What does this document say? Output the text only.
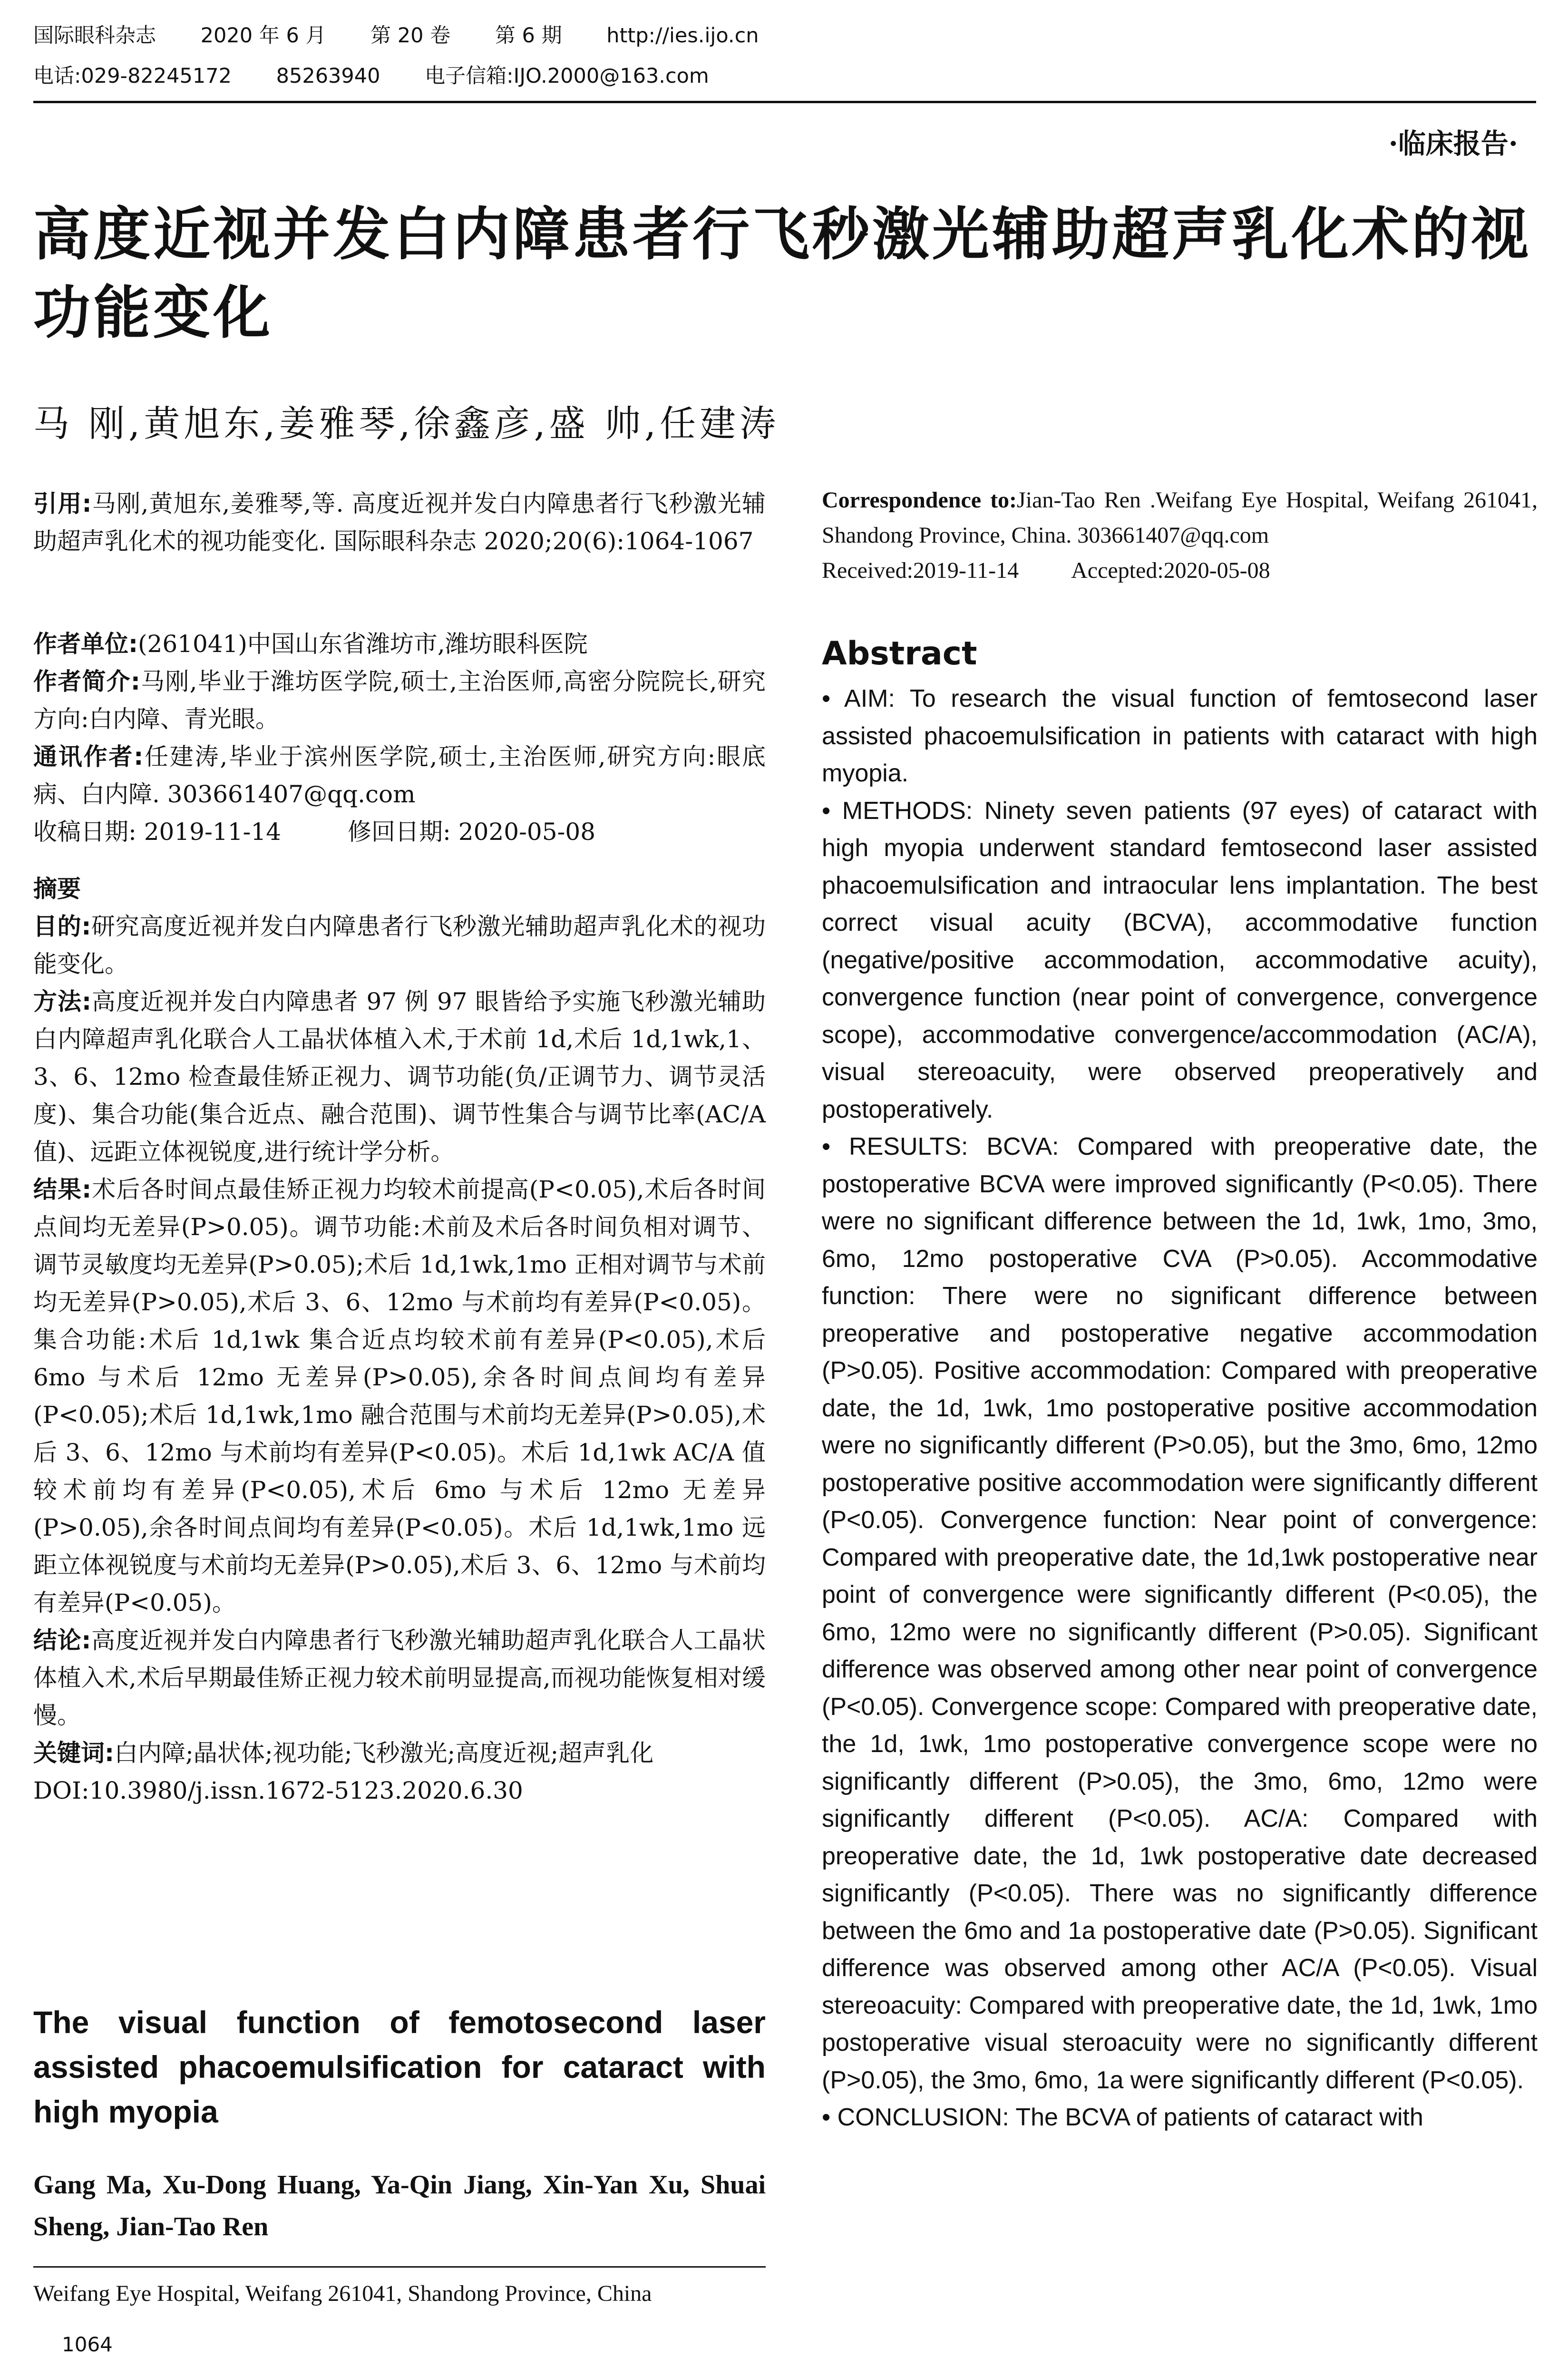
国际眼科杂志 2020 年 6 月 第 20 卷 第 6 期 http://ies.ijo.cn
电话:029-82245172 85263940 电子信箱:IJO.2000@163.com
·临床报告·
高度近视并发白内障患者行飞秒激光辅助超声乳化术的视功能变化
马 刚,黄旭东,姜雅琴,徐鑫彦,盛 帅,任建涛

引用:马刚,黄旭东,姜雅琴,等. 高度近视并发白内障患者行飞秒激光辅助超声乳化术的视功能变化. 国际眼科杂志 2020;20(6):1064-1067

作者单位:(261041)中国山东省潍坊市,潍坊眼科医院

作者简介:马刚,毕业于潍坊医学院,硕士,主治医师,高密分院院长,研究方向:白内障、青光眼。

通讯作者:任建涛,毕业于滨州医学院,硕士,主治医师,研究方向:眼底病、白内障. 303661407@qq.com

收稿日期: 2019-11-14	修回日期: 2020-05-08

摘要

目的:研究高度近视并发白内障患者行飞秒激光辅助超声乳化术的视功能变化。

方法:高度近视并发白内障患者 97 例 97 眼皆给予实施飞秒激光辅助白内障超声乳化联合人工晶状体植入术,于术前 1d,术后 1d,1wk,1、3、6、12mo 检查最佳矫正视力、调节功能(负/正调节力、调节灵活度)、集合功能(集合近点、融合范围)、调节性集合与调节比率(AC/A 值)、远距立体视锐度,进行统计学分析。

结果:术后各时间点最佳矫正视力均较术前提高(P<0.05),术后各时间点间均无差异(P>0.05)。调节功能:术前及术后各时间负相对调节、调节灵敏度均无差异(P>0.05);术后 1d,1wk,1mo 正相对调节与术前均无差异(P>0.05),术后 3、6、12mo 与术前均有差异(P<0.05)。集合功能:术后 1d,1wk 集合近点均较术前有差异(P<0.05),术后 6mo 与术后 12mo 无差异(P>0.05),余各时间点间均有差异(P<0.05);术后 1d,1wk,1mo 融合范围与术前均无差异(P>0.05),术后 3、6、12mo 与术前均有差异(P<0.05)。术后 1d,1wk AC/A 值较术前均有差异(P<0.05),术后 6mo 与术后 12mo 无差异(P>0.05),余各时间点间均有差异(P<0.05)。术后 1d,1wk,1mo 远距立体视锐度与术前均无差异(P>0.05),术后 3、6、12mo 与术前均有差异(P<0.05)。

结论:高度近视并发白内障患者行飞秒激光辅助超声乳化联合人工晶状体植入术,术后早期最佳矫正视力较术前明显提高,而视功能恢复相对缓慢。

关键词:白内障;晶状体;视功能;飞秒激光;高度近视;超声乳化

DOI:10.3980/j.issn.1672-5123.2020.6.30

The visual function of femotosecond laser assisted phacoemulsification for cataract with high myopia
Gang Ma, Xu-Dong Huang, Ya-Qin Jiang, Xin-Yan Xu, Shuai Sheng, Jian-Tao Ren
Weifang Eye Hospital, Weifang 261041, Shandong Province, China
1064

Correspondence to:Jian-Tao Ren .Weifang Eye Hospital, Weifang 261041, Shandong Province, China. 303661407@qq.com

Received:2019-11-14 Accepted:2020-05-08

Abstract

• AIM: To research the visual function of femtosecond laser assisted phacoemulsification in patients with cataract with high myopia.

• METHODS: Ninety seven patients (97 eyes) of cataract with high myopia underwent standard femtosecond laser assisted phacoemulsification and intraocular lens implantation. The best correct visual acuity (BCVA), accommodative function (negative/positive accommodation, accommodative acuity), convergence function (near point of convergence, convergence scope), accommodative convergence/accommodation (AC/A), visual stereoacuity, were observed preoperatively and postoperatively.

• RESULTS: BCVA: Compared with preoperative date, the postoperative BCVA were improved significantly (P<0.05). There were no significant difference between the 1d, 1wk, 1mo, 3mo, 6mo, 12mo postoperative CVA (P>0.05). Accommodative function: There were no significant difference between preoperative and postoperative negative accommodation (P>0.05). Positive accommodation: Compared with preoperative date, the 1d, 1wk, 1mo postoperative positive accommodation were no significantly different (P>0.05), but the 3mo, 6mo, 12mo postoperative positive accommodation were significantly different (P<0.05). Convergence function: Near point of convergence: Compared with preoperative date, the 1d,1wk postoperative near point of convergence were significantly different (P<0.05), the 6mo, 12mo were no significantly different (P>0.05). Significant difference was observed among other near point of convergence (P<0.05). Convergence scope: Compared with preoperative date, the 1d, 1wk, 1mo postoperative convergence scope were no significantly different (P>0.05), the 3mo, 6mo, 12mo were significantly different (P<0.05). AC/A: Compared with preoperative date, the 1d, 1wk postoperative date decreased significantly (P<0.05). There was no significantly difference between the 6mo and 1a postoperative date (P>0.05). Significant difference was observed among other AC/A (P<0.05). Visual stereoacuity: Compared with preoperative date, the 1d, 1wk, 1mo postoperative visual steroacuity were no significantly different (P>0.05), the 3mo, 6mo, 1a were significantly different (P<0.05).

• CONCLUSION: The BCVA of patients of cataract with
